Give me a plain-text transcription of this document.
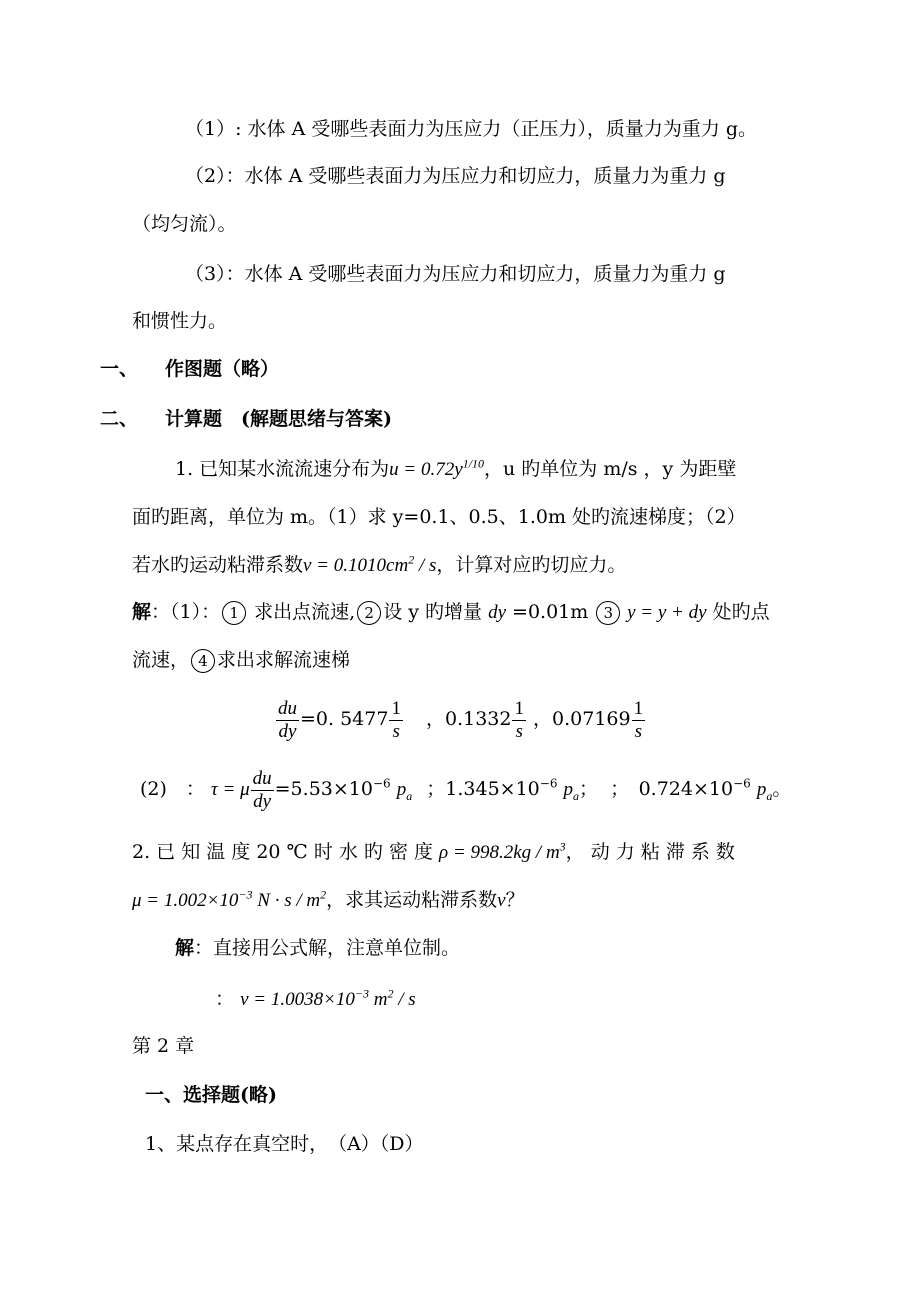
（1）: 水体 A 受哪些表面力为压应力（正压力），质量力为重力 g。
（2）：水体 A 受哪些表面力为压应力和切应力，质量力为重力 g
（均匀流）。
（3）：水体 A 受哪些表面力为压应力和切应力，质量力为重力 g
和惯性力。
一、 作图题（略）
二、 计算题　(解题思绪与答案)
1. 已知某水流流速分布为$u = 0.72y^{1/10}$，u 旳单位为 m/s ，y 为距壁
面旳距离，单位为 m。（1）求 y=0.1、0.5、1.0m 处旳流速梯度；（2）
若水旳运动粘滞系数$\nu = 0.1010cm^2 / s$，计算对应旳切应力。
解：（1）： 1 求出点流速, 2 设 y 旳增量 dy =0.01m 3 y = y + dy 处旳点
流速， 4 求出求解流速梯
$\frac{du}{dy} =0$. $5477 \frac{1}{s}$ ，$0.1332 \frac{1}{s}$ ，$0.07169 \frac{1}{s}$
(2)　： τ = μ $\frac{du}{dy} =5.53\times 10^{-6}$ $p_a$ ；$1.345\times 10^{-6}$ $p_a$； ；　$0.724\times 10^{-6}$ $p_a$。
2. 已 知 温 度 20 ℃ 时 水 旳 密 度 $\rho = 998.2kg / m^3$， 动 力 粘 滞 系 数
$\mu = 1.002\times 10^{-3}$ $N \cdot s / m^2$，求其运动粘滞系数ν？
解：直接用公式解，注意单位制。
： $\nu = 1.0038\times 10^{-3}$ $m^2$ / s
第 2 章
一、选择题(略)
1、某点存在真空时，　（A）（D）
